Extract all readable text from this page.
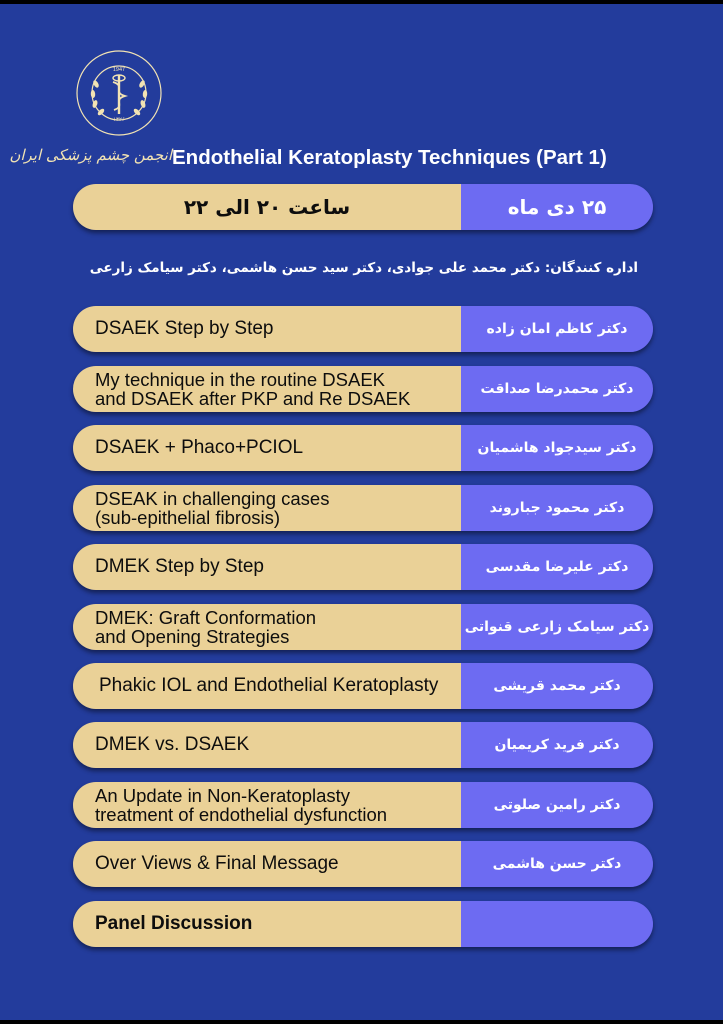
1947
۱۳۲۶
انجمن چشم پزشکی ایران Endothelial Keratoplasty Techniques (Part 1)
ساعت ۲۰ الی ۲۲	۲۵ دی ماه
اداره کنندگان: دکتر محمد علی جوادی، دکتر سید حسن هاشمی، دکتر سیامک زارعی
DSAEK Step by Step	دکتر کاظم امان زاده
My technique in the routine DSAEK
and DSAEK after PKP and Re DSAEK	دکتر محمدرضا صداقت
DSAEK + Phaco+PCIOL	دکتر سیدجواد هاشمیان
DSEAK in challenging cases
(sub-epithelial fibrosis)	دکتر محمود جباروند
DMEK Step by Step	دکتر علیرضا مقدسی
DMEK: Graft Conformation
and Opening Strategies	دکتر سیامک زارعی قنواتی
Phakic IOL and Endothelial Keratoplasty	دکتر محمد قریشی
DMEK vs. DSAEK	دکتر فرید کریمیان
An Update in Non-Keratoplasty
treatment of endothelial dysfunction	دکتر رامین صلوتی
Over Views & Final Message	دکتر حسن هاشمی
Panel Discussion
